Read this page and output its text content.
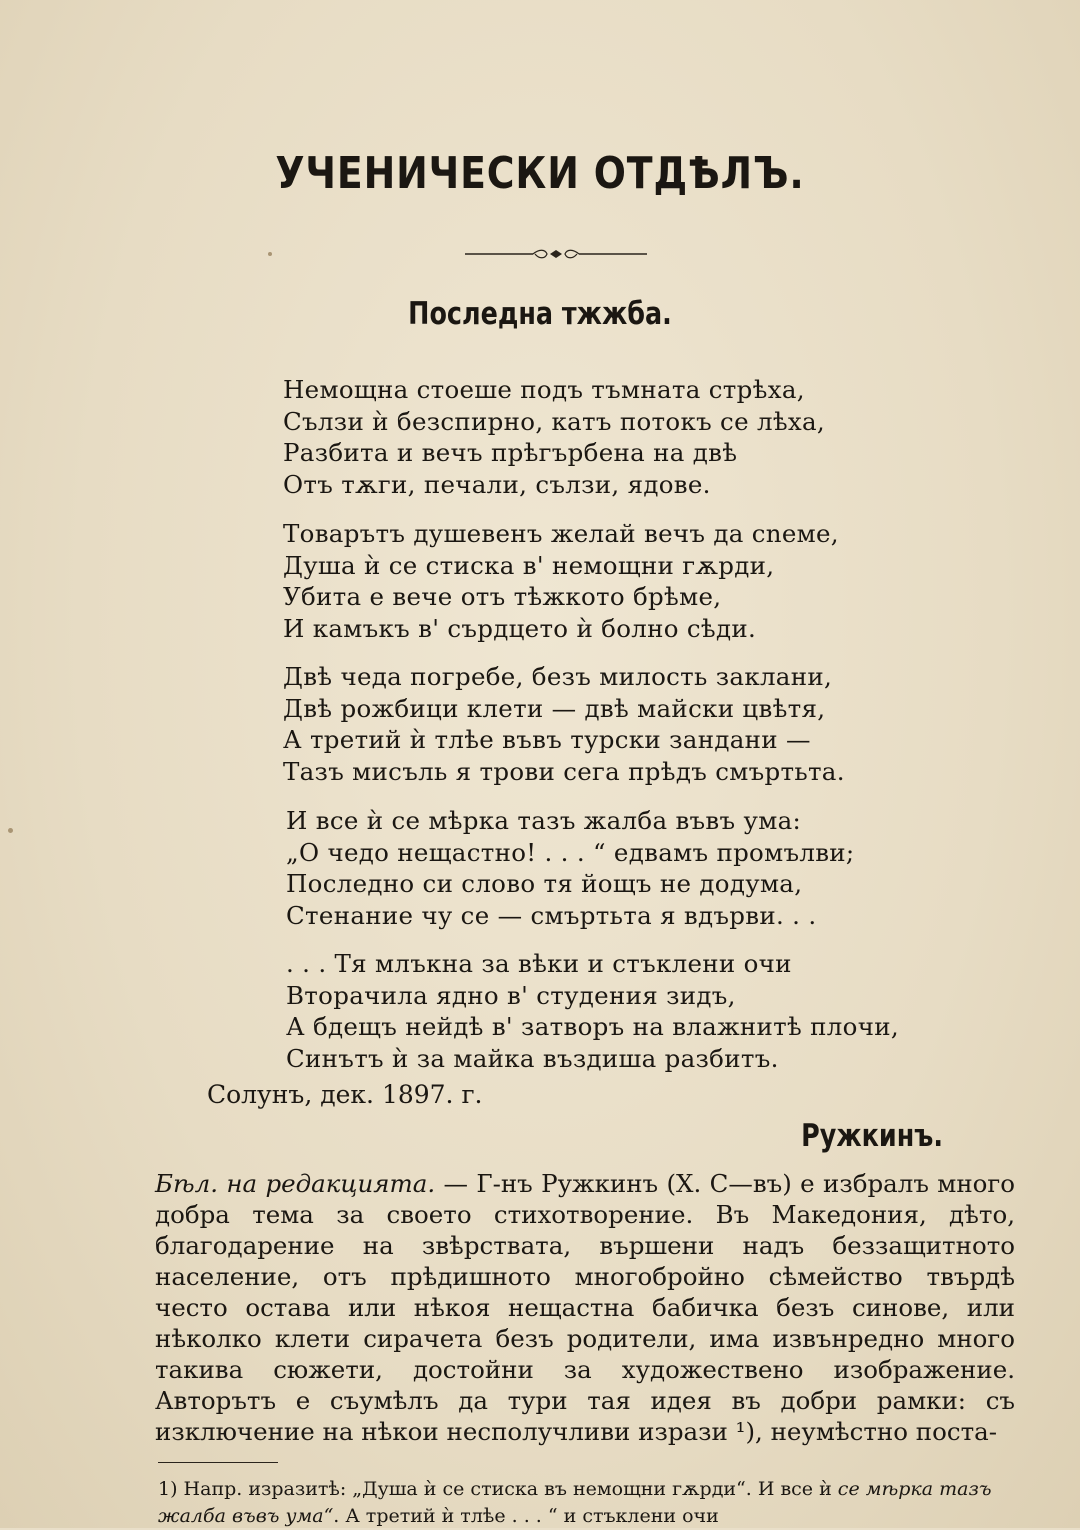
УЧЕНИЧЕСКИ ОТДѢЛЪ.
Последна тжжба.
Немощна стоеше подъ тъмната стрѣха,
Сълзи ѝ безспирно, катъ потокъ се лѣха,
Разбита и вечъ прѣгърбена на двѣ
Отъ тѫги, печали, сълзи, ядове.
Товарътъ душевенъ желай вечъ да сneме,
Душа ѝ се стиска в' немощни гѫрди,
Убита е вече отъ тѣжкото брѣме,
И камъкъ в' сърдцето ѝ болно сѣди.
Двѣ чеда погребе, безъ милость заклани,
Двѣ рожбици клети — двѣ майски цвѣтя,
А третий ѝ тлѣе въвъ турски зандани —
Тазъ мисъль я трови сега прѣдъ смъртьта.
И все ѝ се мѣрка тазъ жалба въвъ ума:
„О чедо нещастно! . . . “ едвамъ промълви;
Последно си слово тя йощъ не додума,
Стенание чу се — смъртьта я вдърви. . .
. . . Тя млъкна за вѣки и стъклени очи
Вторачила ядно в' студения зидъ,
А бдещъ нейдѣ в' затворъ на влажнитѣ плочи,
Синътъ ѝ за майка въздиша разбитъ.
Солунъ, дек. 1897. г.
Ружкинъ.
Бѣл. на редакцията. — Г-нъ Ружкинъ (Х. С—въ) е избралъ много добра тема за своето стихотворение. Въ Македония, дѣто, благодарение на звѣрствата, вършени надъ беззащитното население, отъ прѣдишното многобройно сѣмейство твърдѣ често остава или нѣкоя нещастна бабичка безъ синове, или нѣколко клети сирачета безъ родители, има извънредно много такива сюжети, достойни за художествено изображение. Авторътъ е съумѣлъ да тури тая идея въ добри рамки: съ изключение на нѣкои несполучливи изрази ¹), неумѣстно поста-
1) Напр. изразитѣ: „Душа ѝ се стиска въ немощни гѫрди“. И все ѝ се мѣрка тазъ жалба въвъ ума“. А третий ѝ тлѣе . . . “ и стъклени очи
